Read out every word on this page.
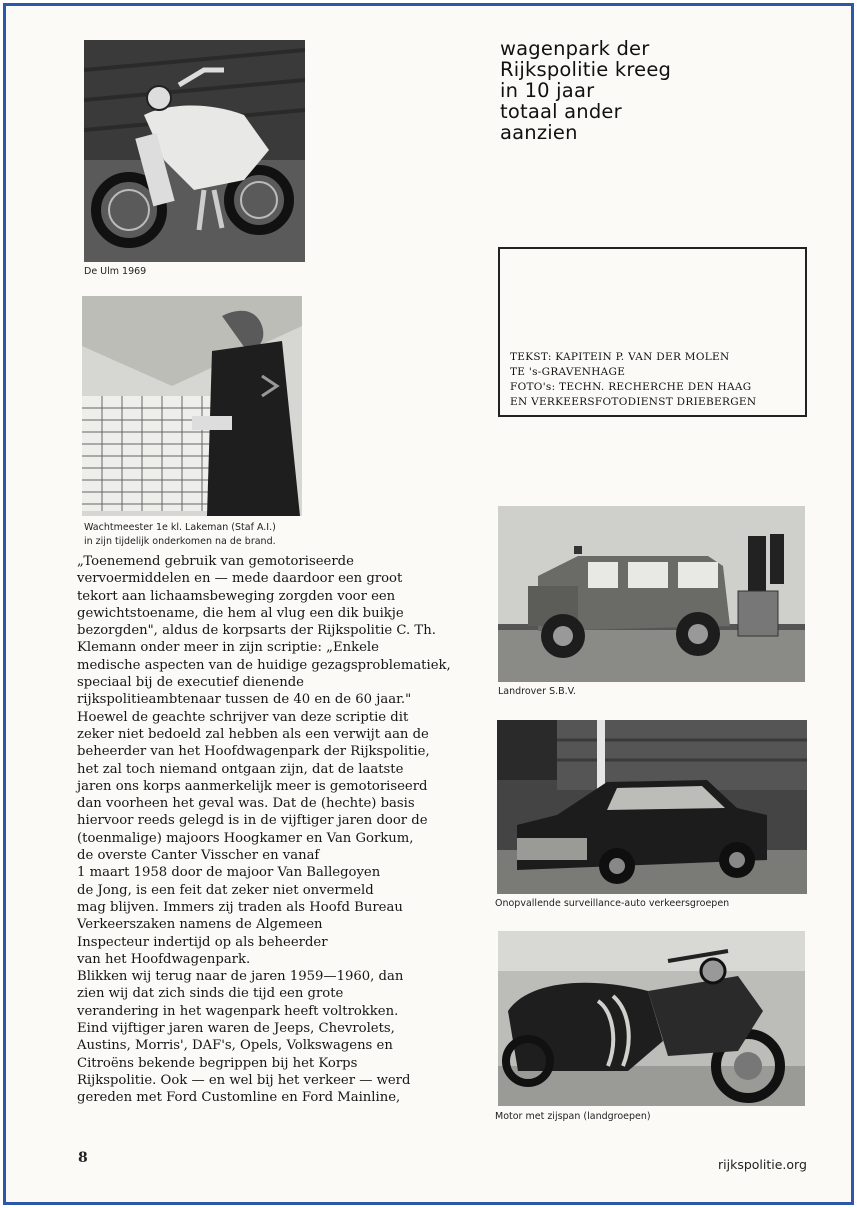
De Ulm 1969
Wachtmeester 1e kl. Lakeman (Staf A.I.)
in zijn tijdelijk onderkomen na de brand.
wagenpark der
Rijkspolitie kreeg
in 10 jaar
totaal ander
aanzien
TEKST: KAPITEIN P. VAN DER MOLEN
TE 's-GRAVENHAGE
FOTO's: TECHN. RECHERCHE DEN HAAG
EN VERKEERSFOTODIENST DRIEBERGEN
Landrover S.B.V.
Onopvallende surveillance-auto verkeersgroepen
Motor met zijspan (landgroepen)
„Toenemend gebruik van gemotoriseerde
vervoermiddelen en — mede daardoor een groot
tekort aan lichaamsbeweging zorgden voor een
gewichtstoename, die hem al vlug een dik buikje
bezorgden", aldus de korpsarts der Rijkspolitie C. Th.
Klemann onder meer in zijn scriptie: „Enkele
medische aspecten van de huidige gezagsproblematiek,
speciaal bij de executief dienende
rijkspolitieambtenaar tussen de 40 en de 60 jaar."
Hoewel de geachte schrijver van deze scriptie dit
zeker niet bedoeld zal hebben als een verwijt aan de
beheerder van het Hoofdwagenpark der Rijkspolitie,
het zal toch niemand ontgaan zijn, dat de laatste
jaren ons korps aanmerkelijk meer is gemotoriseerd
dan voorheen het geval was. Dat de (hechte) basis
hiervoor reeds gelegd is in de vijftiger jaren door de
(toenmalige) majoors Hoogkamer en Van Gorkum,
de overste Canter Visscher en vanaf
1 maart 1958 door de majoor Van Ballegoyen
de Jong, is een feit dat zeker niet onvermeld
mag blijven. Immers zij traden als Hoofd Bureau
Verkeerszaken namens de Algemeen
Inspecteur indertijd op als beheerder
van het Hoofdwagenpark.
Blikken wij terug naar de jaren 1959—1960, dan
zien wij dat zich sinds die tijd een grote
verandering in het wagenpark heeft voltrokken.
Eind vijftiger jaren waren de Jeeps, Chevrolets,
Austins, Morris', DAF's, Opels, Volkswagens en
Citroëns bekende begrippen bij het Korps
Rijkspolitie. Ook — en wel bij het verkeer — werd
gereden met Ford Customline en Ford Mainline,
8	rijkspolitie.org
